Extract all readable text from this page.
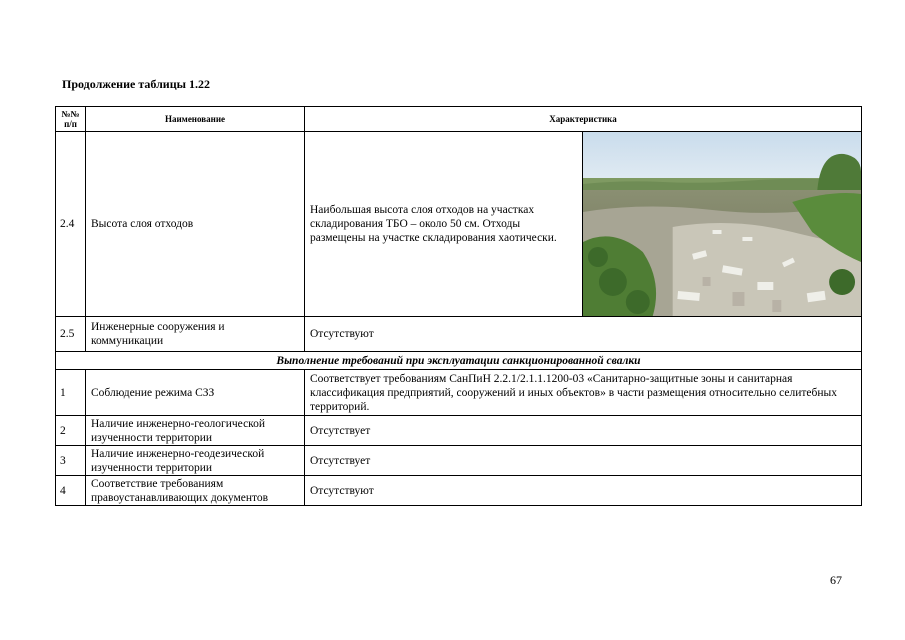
Продолжение таблицы 1.22
№№ п/п	Наименование	Характеристика	
2.4	Высота слоя отходов	Наибольшая высота слоя отходов на участках складирования ТБО – около 50 см. Отходы размещены на участке складирования хаотически.	

2.5	Инженерные сооружения и коммуникации	Отсутствуют	
Выполнение требований при эксплуатации санкционированной свалки			
1	Соблюдение режима СЗЗ	Соответствует требованиям СанПиН 2.2.1/2.1.1.1200-03 «Санитарно-защитные зоны и санитарная классификация предприятий, сооружений и иных объектов» в части размещения относительно селитебных территорий.	
2	Наличие инженерно-геологической изученности территории	Отсутствует	
3	Наличие инженерно-геодезической изученности территории	Отсутствует	
4	Соответствие требованиям правоустанавливающих документов	Отсутствуют	
67
